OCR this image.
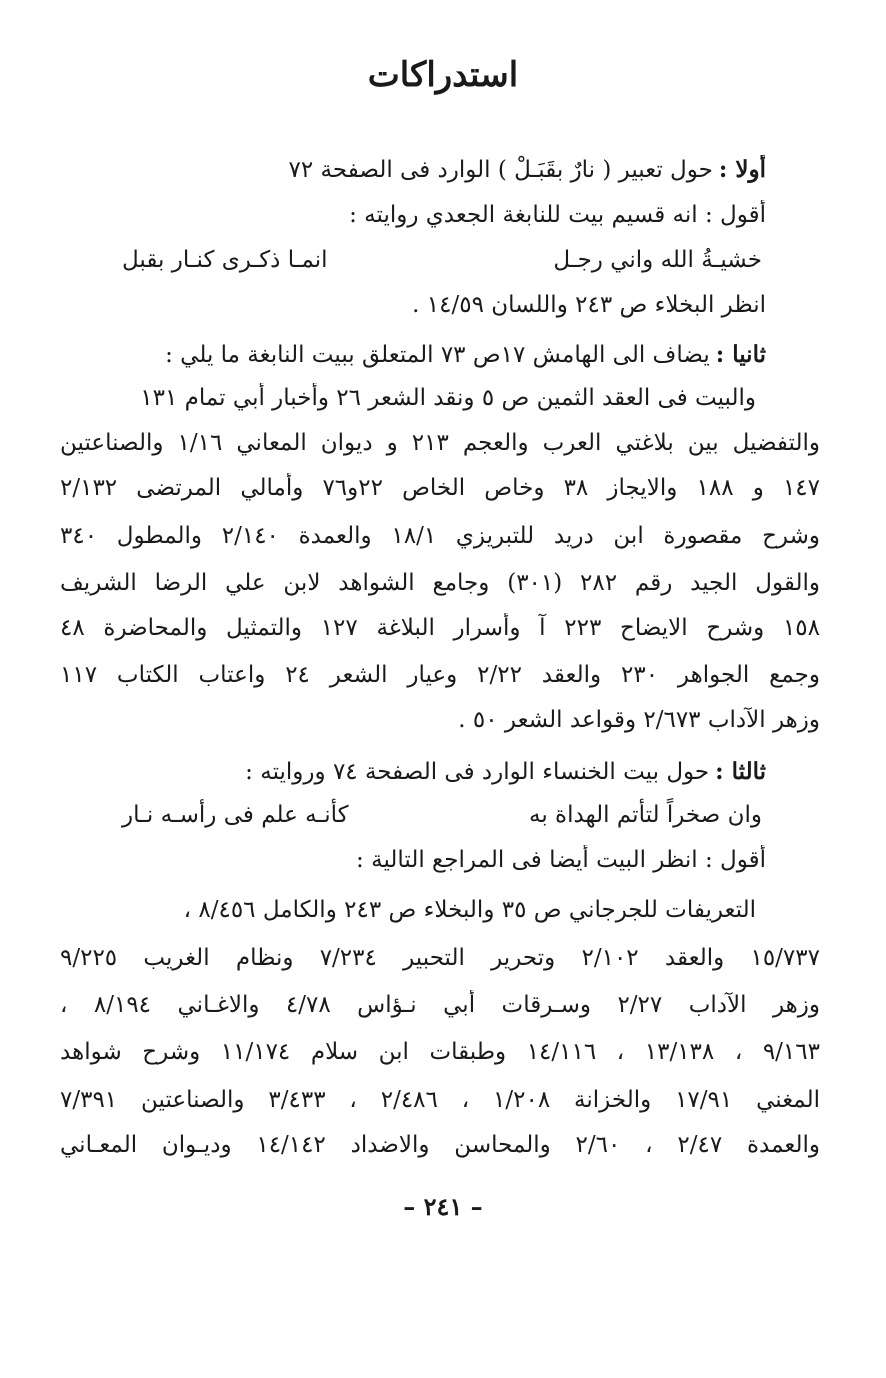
استدراكات

أولا :حول تعبير ( نارٌ بقَبَـلْ ) الوارد فى الصفحة ٧٢

أقول : انه قسيم بيت للنابغة الجعدي روايته :

خشيـةُ الله واني رجـل
انمـا ذكـرى كنـار بقبل

انظر البخلاء ص ٢٤٣ واللسان ١٤/٥٩ .

ثانيا :يضاف الى الهامش ١٧ص ٧٣ المتعلق ببيت النابغة ما يلي :

والبيت فى العقد الثمين ص ٥ ونقد الشعر ٢٦ وأخبار أبي تمام ١٣١

والتفضيل بين بلاغتي العرب والعجم ٢١٣ و ديوان المعاني ١/١٦ والصناعتين

١٤٧ و ١٨٨ والايجاز ٣٨ وخاص الخاص ٢٢و٧٦ وأمالي المرتضى ٢/١٣٢

وشرح مقصورة ابن دريد للتبريزي ١٨/١ والعمدة ٢/١٤٠ والمطول ٣٤٠

والقول الجيد رقم ٢٨٢ (٣٠١) وجامع الشواهد لابن علي الرضا الشريف

١٥٨ وشرح الايضاح ٢٢٣ آ وأسرار البلاغة ١٢٧ والتمثيل والمحاضرة ٤٨

وجمع الجواهر ٢٣٠ والعقد ٢/٢٢ وعيار الشعر ٢٤ واعتاب الكتاب ١١٧

وزهر الآداب ٢/٦٧٣ وقواعد الشعر ٥٠ .

ثالثا :حول بيت الخنساء الوارد فى الصفحة ٧٤ وروايته :

وان صخراً لتأتم الهداة به
كأنـه علم فى رأسـه نـار

أقول : انظر البيت أيضا فى المراجع التالية :

التعريفات للجرجاني ص ٣٥ والبخلاء ص ٢٤٣ والكامل ٨/٤٥٦ ،

١٥/٧٣٧ والعقد ٢/١٠٢ وتحرير التحبير ٧/٢٣٤ ونظام الغريب ٩/٢٢٥

وزهر الآداب ٢/٢٧ وسـرقات أبي نـؤاس ٤/٧٨ والاغـاني ٨/١٩٤ ،

٩/١٦٣ ، ١٣/١٣٨ ، ١٤/١١٦ وطبقات ابن سلام ١١/١٧٤ وشرح شواهد

المغني ١٧/٩١ والخزانة ١/٢٠٨ ، ٢/٤٨٦ ، ٣/٤٣٣ والصناعتين ٧/٣٩١

والعمدة ٢/٤٧ ، ٢/٦٠ والمحاسن والاضداد ١٤/١٤٢ وديـوان المعـاني

– ٢٤١ –
